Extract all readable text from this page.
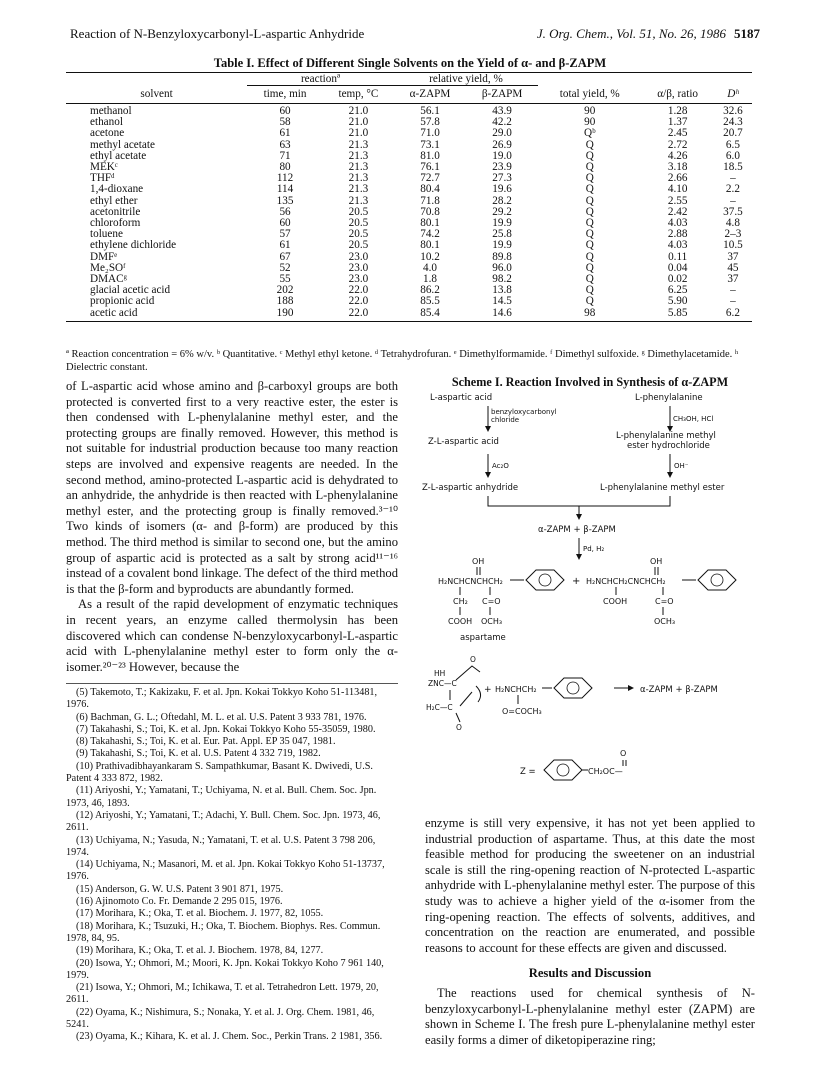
Reaction of N-Benzyloxycarbonyl-L-aspartic Anhydride	J. Org. Chem., Vol. 51, No. 26, 1986 5187
Table I. Effect of Different Single Solvents on the Yield of α- and β-ZAPM
	reactionª		relative yield, %				
solvent	time, min	temp, °C	α-ZAPM	β-ZAPM	total yield, %	α/β, ratio	Dʰ
methanol	60	21.0	56.1	43.9	90	1.28	32.6
ethanol	58	21.0	57.8	42.2	90	1.37	24.3
acetone	61	21.0	71.0	29.0	Qᵇ	2.45	20.7
methyl acetate	63	21.3	73.1	26.9	Q	2.72	6.5
ethyl acetate	71	21.3	81.0	19.0	Q	4.26	6.0
MEKᶜ	80	21.3	76.1	23.9	Q	3.18	18.5
THFᵈ	112	21.3	72.7	27.3	Q	2.66	–
1,4-dioxane	114	21.3	80.4	19.6	Q	4.10	2.2
ethyl ether	135	21.3	71.8	28.2	Q	2.55	–
acetonitrile	56	20.5	70.8	29.2	Q	2.42	37.5
chloroform	60	20.5	80.1	19.9	Q	4.03	4.8
toluene	57	20.5	74.2	25.8	Q	2.88	2–3
ethylene dichloride	61	20.5	80.1	19.9	Q	4.03	10.5
DMFᵉ	67	23.0	10.2	89.8	Q	0.11	37
Me₂SOᶠ	52	23.0	4.0	96.0	Q	0.04	45
DMACᵍ	55	23.0	1.8	98.2	Q	0.02	37
glacial acetic acid	202	22.0	86.2	13.8	Q	6.25	–
propionic acid	188	22.0	85.5	14.5	Q	5.90	–
acetic acid	190	22.0	85.4	14.6	98	5.85	6.2
ª Reaction concentration = 6% w/v. ᵇ Quantitative. ᶜ Methyl ethyl ketone. ᵈ Tetrahydrofuran. ᵉ Dimethylformamide. ᶠ Dimethyl sulfoxide. ᵍ Dimethylacetamide. ʰ Dielectric constant.

of L-aspartic acid whose amino and β-carboxyl groups are both protected is converted first to a very reactive ester, the ester is then condensed with L-phenylalanine methyl ester, and the protecting groups are finally removed. However, this method is not suitable for industrial production because too many reaction steps are involved and expensive reagents are needed. In the second method, amino-protected L-aspartic acid is dehydrated to an anhydride, the anhydride is then reacted with L-phenylalanine methyl ester, and the protecting group is finally removed.³⁻¹⁰ Two kinds of isomers (α- and β-form) are produced by this method. The third method is similar to second one, but the amino group of aspartic acid is protected as a salt by strong acid¹¹⁻¹⁶ instead of a covalent bond linkage. The defect of the third method is that the β-form and byproducts are abundantly formed.

As a result of the rapid development of enzymatic techniques in recent years, an enzyme called thermolysin has been discovered which can condense N-benzyloxycarbonyl-L-aspartic acid with L-phenylalanine methyl ester to form only the α-isomer.²⁰⁻²³ However, because the

(5) Takemoto, T.; Kakizaku, F. et al. Jpn. Kokai Tokkyo Koho 51-113481, 1976.

(6) Bachman, G. L.; Oftedahl, M. L. et al. U.S. Patent 3 933 781, 1976.

(7) Takahashi, S.; Toi, K. et al. Jpn. Kokai Tokkyo Koho 55-35059, 1980.

(8) Takahashi, S.; Toi, K. et al. Eur. Pat. Appl. EP 35 047, 1981.

(9) Takahashi, S.; Toi, K. et al. U.S. Patent 4 332 719, 1982.

(10) Prathivadibhayankaram S. Sampathkumar, Basant K. Dwivedi, U.S. Patent 4 333 872, 1982.

(11) Ariyoshi, Y.; Yamatani, T.; Uchiyama, N. et al. Bull. Chem. Soc. Jpn. 1973, 46, 1893.

(12) Ariyoshi, Y.; Yamatani, T.; Adachi, Y. Bull. Chem. Soc. Jpn. 1973, 46, 2611.

(13) Uchiyama, N.; Yasuda, N.; Yamatani, T. et al. U.S. Patent 3 798 206, 1974.

(14) Uchiyama, N.; Masanori, M. et al. Jpn. Kokai Tokkyo Koho 51-13737, 1976.

(15) Anderson, G. W. U.S. Patent 3 901 871, 1975.

(16) Ajinomoto Co. Fr. Demande 2 295 015, 1976.

(17) Morihara, K.; Oka, T. et al. Biochem. J. 1977, 82, 1055.

(18) Morihara, K.; Tsuzuki, H.; Oka, T. Biochem. Biophys. Res. Commun. 1978, 84, 95.

(19) Morihara, K.; Oka, T. et al. J. Biochem. 1978, 84, 1277.

(20) Isowa, Y.; Ohmori, M.; Moori, K. Jpn. Kokai Tokkyo Koho 7 961 140, 1979.

(21) Isowa, Y.; Ohmori, M.; Ichikawa, T. et al. Tetrahedron Lett. 1979, 20, 2611.

(22) Oyama, K.; Nishimura, S.; Nonaka, Y. et al. J. Org. Chem. 1981, 46, 5241.

(23) Oyama, K.; Kihara, K. et al. J. Chem. Soc., Perkin Trans. 2 1981, 356.

Scheme I. Reaction Involved in Synthesis of α-ZAPM
L-aspartic acid	L-phenylalanine
benzyloxycarbonyl
chloride	CH₃OH, HCl
Z-L-aspartic acid
L-phenylalanine methyl
ester hydrochloride
Ac₂O	OH⁻
Z-L-aspartic anhydride	L-phenylalanine methyl ester
α-ZAPM + β-ZAPM
Pd, H₂
OH
H₂NCHCNCHCH₂
CH₂ C=O
COOH OCH₃
+
OH
H₂NCHCH₂CNCHCH₂
COOH	C=O
OCH₃
aspartame
HH
ZNC—C
O
H₂C—C
O
+ H₂NCHCH₂
O=COCH₃
α-ZAPM + β-ZAPM
Z =	CH₂OC—
O

enzyme is still very expensive, it has not yet been applied to industrial production of aspartame. Thus, at this date the most feasible method for producing the sweetener on an industrial scale is still the ring-opening reaction of N-protected L-aspartic anhydride with L-phenylalanine methyl ester. The purpose of this study was to achieve a higher yield of the α-isomer from the ring-opening reaction. The effects of solvents, additives, and concentration on the reaction are enumerated, and possible reasons to account for these effects are given and discussed.

Results and Discussion

The reactions used for chemical synthesis of N-benzyloxycarbonyl-L-phenylalanine methyl ester (ZAPM) are shown in Scheme I. The fresh pure L-phenylalanine methyl ester easily forms a dimer of diketopiperazine ring;
